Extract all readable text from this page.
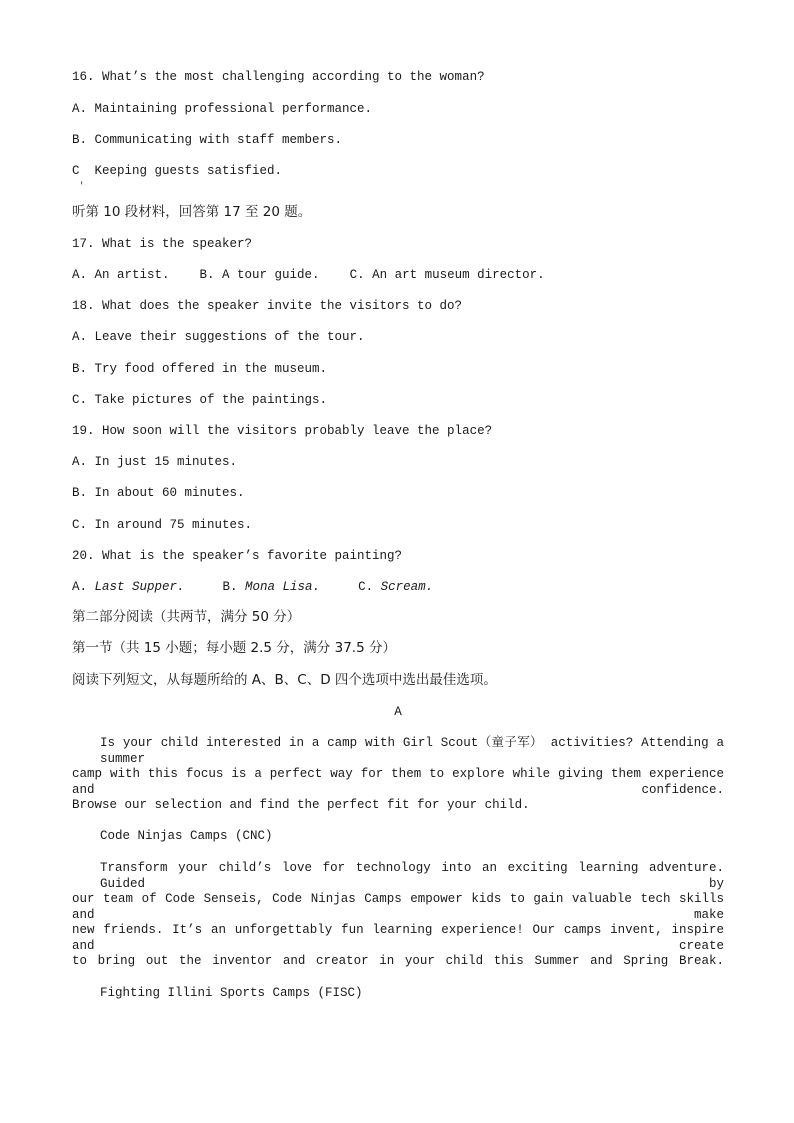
16. What’s the most challenging according to the woman?
A. Maintaining professional performance.
B. Communicating with staff members.
C  Keeping guests satisfied.
'
听第 10 段材料，回答第 17 至 20 题。
17. What is the speaker?
A. An artist. B. A tour guide. C. An art museum director.
18. What does the speaker invite the visitors to do?
A. Leave their suggestions of the tour.
B. Try food offered in the museum.
C. Take pictures of the paintings.
19. How soon will the visitors probably leave the place?
A. In just 15 minutes.
B. In about 60 minutes.
C. In around 75 minutes.
20. What is the speaker’s favorite painting?
A. Last Supper.	B. Mona Lisa.	C. Scream.
第二部分阅读（共两节，满分 50 分）
第一节（共 15 小题；每小题 2.5 分，满分 37.5 分）
阅读下列短文，从每题所给的 A、B、C、D 四个选项中选出最佳选项。
A
Is your child interested in a camp with Girl Scout（童子军） activities? Attending a summer
camp with this focus is a perfect way for them to explore while giving them experience and confidence.
Browse our selection and find the perfect fit for your child.
Code Ninjas Camps (CNC)
Transform your child’s love for technology into an exciting learning adventure. Guided by
our team of Code Senseis, Code Ninjas Camps empower kids to gain valuable tech skills and make
new friends. It’s an unforgettably fun learning experience! Our camps invent, inspire and create
to bring out the inventor and creator in your child this Summer and Spring Break.
Fighting Illini Sports Camps (FISC)
